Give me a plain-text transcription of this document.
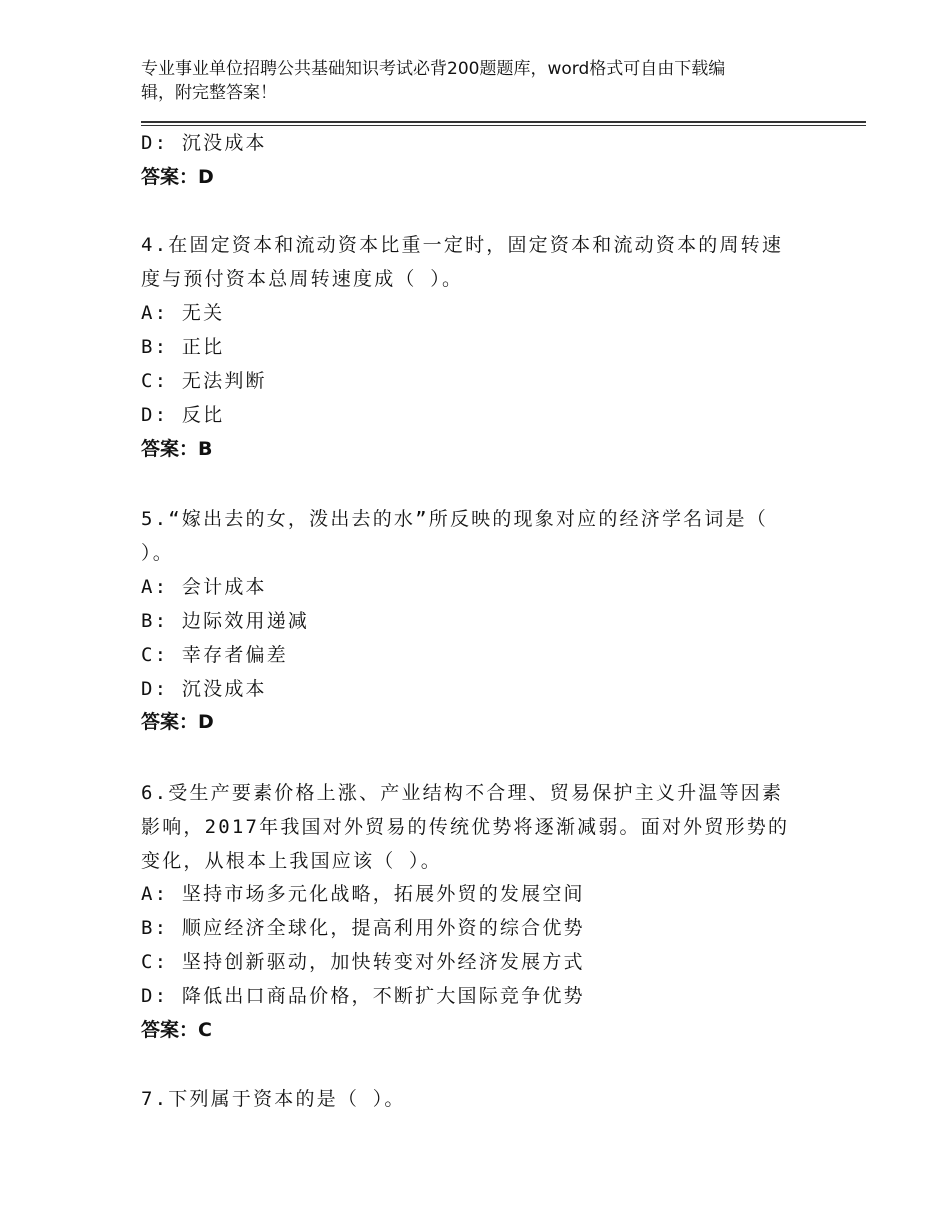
专业事业单位招聘公共基础知识考试必背200题题库，word格式可自由下载编
辑，附完整答案！
D: 沉没成本
答案：D
4.在固定资本和流动资本比重一定时，固定资本和流动资本的周转速
度与预付资本总周转速度成（ ）。
A: 无关
B: 正比
C: 无法判断
D: 反比
答案：B
5.“嫁出去的女，泼出去的水”所反映的现象对应的经济学名词是（
）。
A: 会计成本
B: 边际效用递减
C: 幸存者偏差
D: 沉没成本
答案：D
6.受生产要素价格上涨、产业结构不合理、贸易保护主义升温等因素
影响，2017年我国对外贸易的传统优势将逐渐减弱。面对外贸形势的
变化，从根本上我国应该（ ）。
A: 坚持市场多元化战略，拓展外贸的发展空间
B: 顺应经济全球化，提高利用外资的综合优势
C: 坚持创新驱动，加快转变对外经济发展方式
D: 降低出口商品价格，不断扩大国际竞争优势
答案：C
7.下列属于资本的是（ ）。
